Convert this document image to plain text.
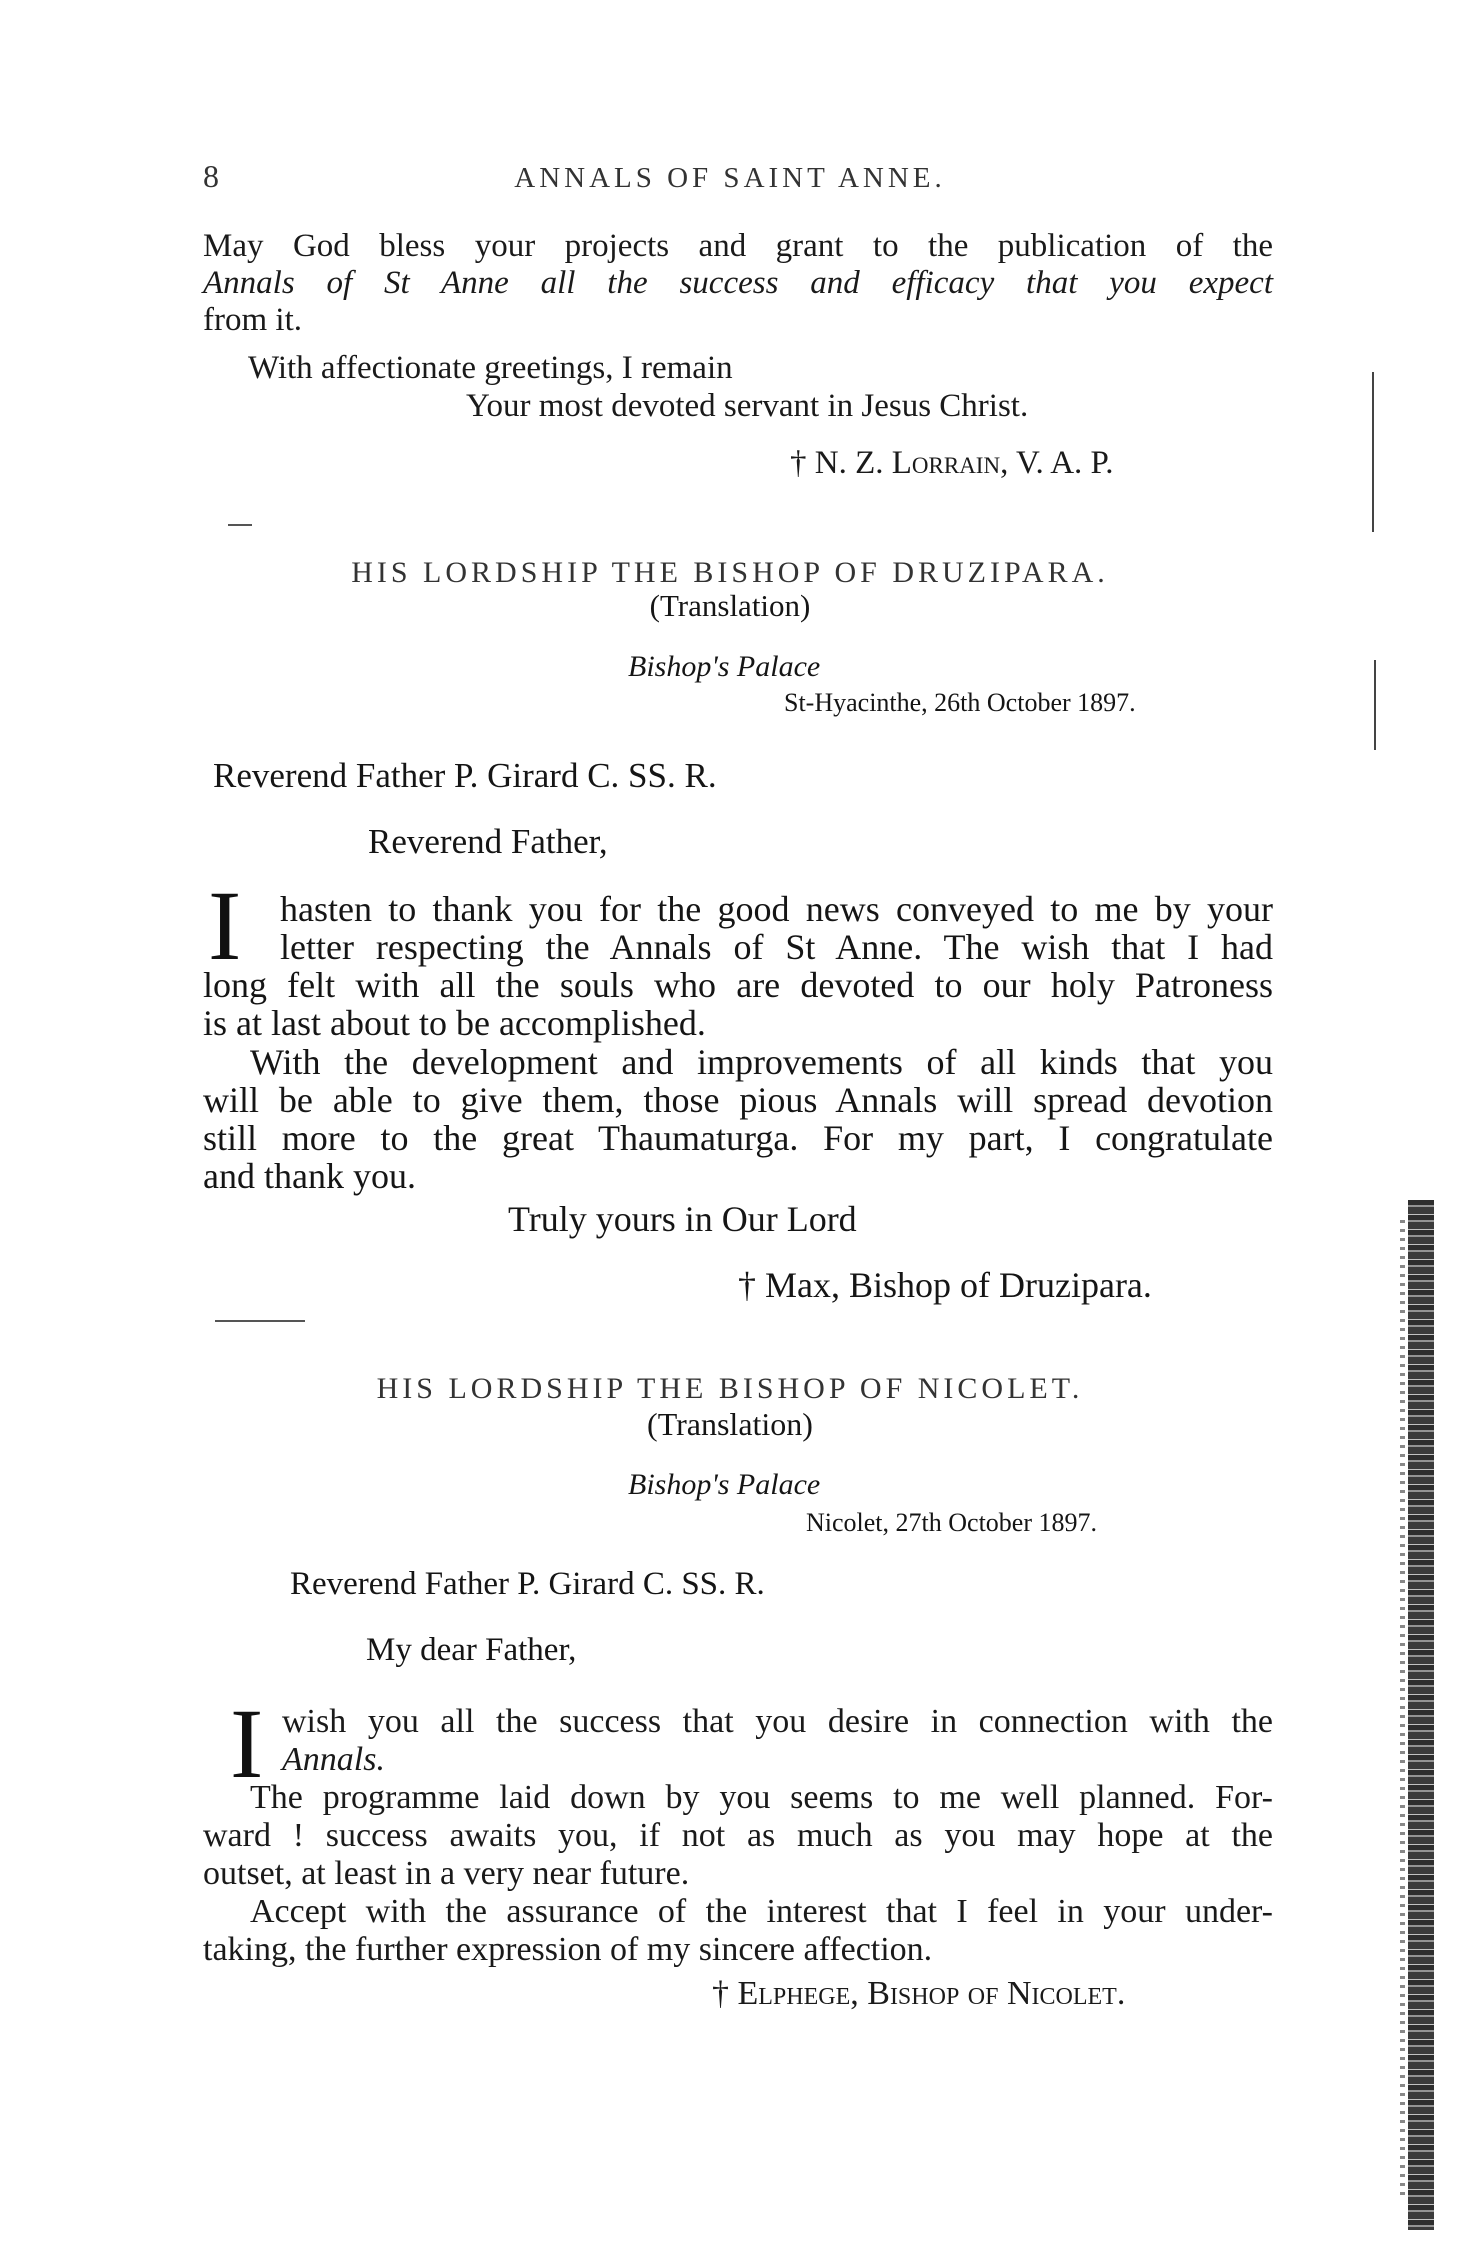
8	ANNALS OF SAINT ANNE.
May God bless your projects and grant to the publication of the
Annals of St Anne all the success and efficacy that you expect
from it.
With affectionate greetings, I remain
Your most devoted servant in Jesus Christ.
† N. Z. Lorrain, V. A. P.
HIS LORDSHIP THE BISHOP OF DRUZIPARA.
(Translation)
Bishop's Palace
St-Hyacinthe, 26th October 1897.
Reverend Father P. Girard C. SS. R.
Reverend Father,
I hasten to thank you for the good news conveyed to me by your
letter respecting the Annals of St Anne. The wish that I had
long felt with all the souls who are devoted to our holy Patroness
is at last about to be accomplished.
With the development and improvements of all kinds that you
will be able to give them, those pious Annals will spread devotion
still more to the great Thaumaturga. For my part, I congratulate
and thank you.
Truly yours in Our Lord
† Max, Bishop of Druzipara.
HIS LORDSHIP THE BISHOP OF NICOLET.
(Translation)
Bishop's Palace
Nicolet, 27th October 1897.
Reverend Father P. Girard C. SS. R.
My dear Father,
I wish you all the success that you desire in connection with the
Annals.
The programme laid down by you seems to me well planned. For-
ward ! success awaits you, if not as much as you may hope at the
outset, at least in a very near future.
Accept with the assurance of the interest that I feel in your under-
taking, the further expression of my sincere affection.
† Elphege, Bishop of Nicolet.
